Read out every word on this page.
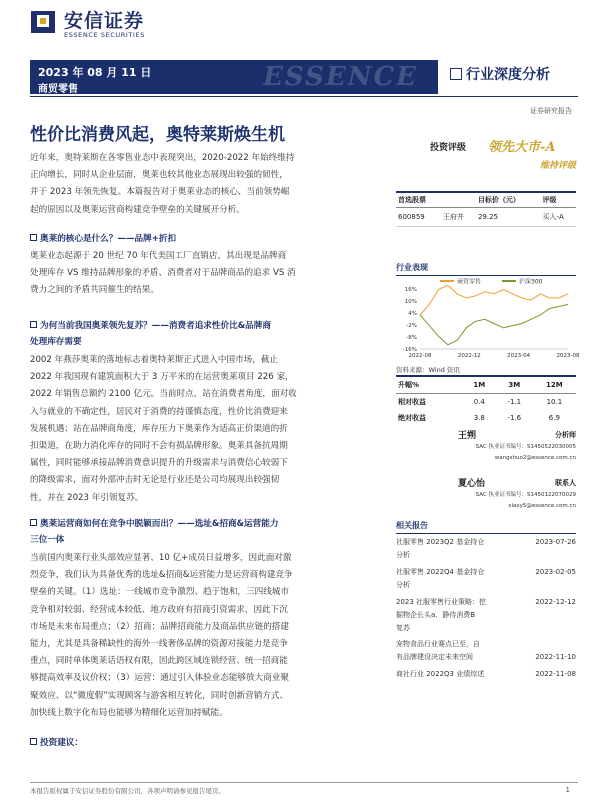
安信证券
ESSENCE SECURITIES
2023 年 08 月 11 日
商贸零售	ESSENCE	行业深度分析
证券研究报告
性价比消费风起，奥特莱斯焕生机
近年来，奥特莱斯在各零售业态中表现突出，2020-2022 年始终维持
正向增长，同时从企业层面，奥莱也较其他业态展现出较强的韧性，
并于 2023 年领先恢复。本篇报告对于奥莱业态的核心、当前领势崛
起的原因以及奥莱运营商构建竞争壁垒的关键展开分析。
奥莱的核心是什么？——品牌+折扣
奥莱业态起源于 20 世纪 70 年代美国工厂直销店，其出现是品牌商
处理库存 VS 维持品牌形象的矛盾、消费者对于品牌商品的追求 VS 消
费力之间的矛盾共同催生的结果。
为何当前我国奥莱领先复苏？——消费者追求性价比&品牌商
处理库存需要
2002 年燕莎奥莱的落地标志着奥特莱斯正式进入中国市场，截止
2022 年我国现有建筑面积大于 3 万平米的在运营奥莱项目 226 家，
2022 年销售总额约 2100 亿元。当前时点，站在消费者角度，面对收
入与就业的不确定性，居民对于消费的持谨慎态度，性价比消费迎来
发展机遇；站在品牌商角度，库存压力下奥莱作为适高正价渠道的折
扣渠道，在助力消化库存的同时不会有损品牌形象。奥莱具备抗周期
属性，同时能够承接品牌消费意识提升的升级需求与消费信心较弱下
的降级需求，面对外部冲击时无论是行业还是公司均展现出较强韧
性，并在 2023 年引领复苏。
奥莱运营商如何在竞争中脱颖而出？——选址&招商&运营能力
三位一体
当前国内奥莱行业头部效应显著、10 亿+成员日益增多，因此面对激
烈竞争，我们认为具备优秀的选址&招商&运营能力是运营商构建竞争
壁垒的关键。（1）选址：一线城市竞争激烈、趋于饱和，三四线城市
竞争相对较弱、经营成本较低、地方政府有招商引资需求，因此下沉
市场是未来布局重点；（2）招商：品牌招商能力及商品供应链的搭建
能力，尤其是具备稀缺性的海外一线奢侈品牌的资源对接能力是竞争
重点，同时单体奥莱话语权有限，因此跨区域连锁经营、统一招商能
够提高效率及议价权；（3）运营：通过引入体验业态能够放大商业聚
聚效应、以“微度假”实现顾客与游客相互转化，同时创新营销方式、
加快线上数字化布局也能够为精细化运营加持赋能。
投资建议：
投资评级 领先大市-A
维持评级
首选股票		目标价（元）	评级
600859	王府井	29.25	买入-A
行业表现
商贸零售	沪深300
16%
10%
4%
-2%
-8%
-16%
2022-08	2022-12	2023-04	2023-08
资料来源：Wind 资讯
升幅%	1M	3M	12M
相对收益	0.4	-1.1	10.1
绝对收益	3.8	-1.6	6.9
王朔	分析师
SAC 执业证书编号：S1450522030005
wangshuo2@essence.com.cn
夏心怡	联系人
SAC 执业证书编号：S1450122070029
xiaxy5@essence.com.cn
相关报告
社服零售 2023Q2 基金持仓
分析
2023-07-26
社服零售 2022Q4 基金持仓
分析
2023-02-05
2023 社服零售行业策略：挖
掘物企长头a、静待消费B
复苏
2022-12-12
宠物食品行业赛点已至，自
有品牌建设决定未来空间	2022-11-10
商社行业 2022Q3 业绩综述	2022-11-08
本报告版权属于安信证券股份有限公司，各项声明请参见报告尾页。	1
